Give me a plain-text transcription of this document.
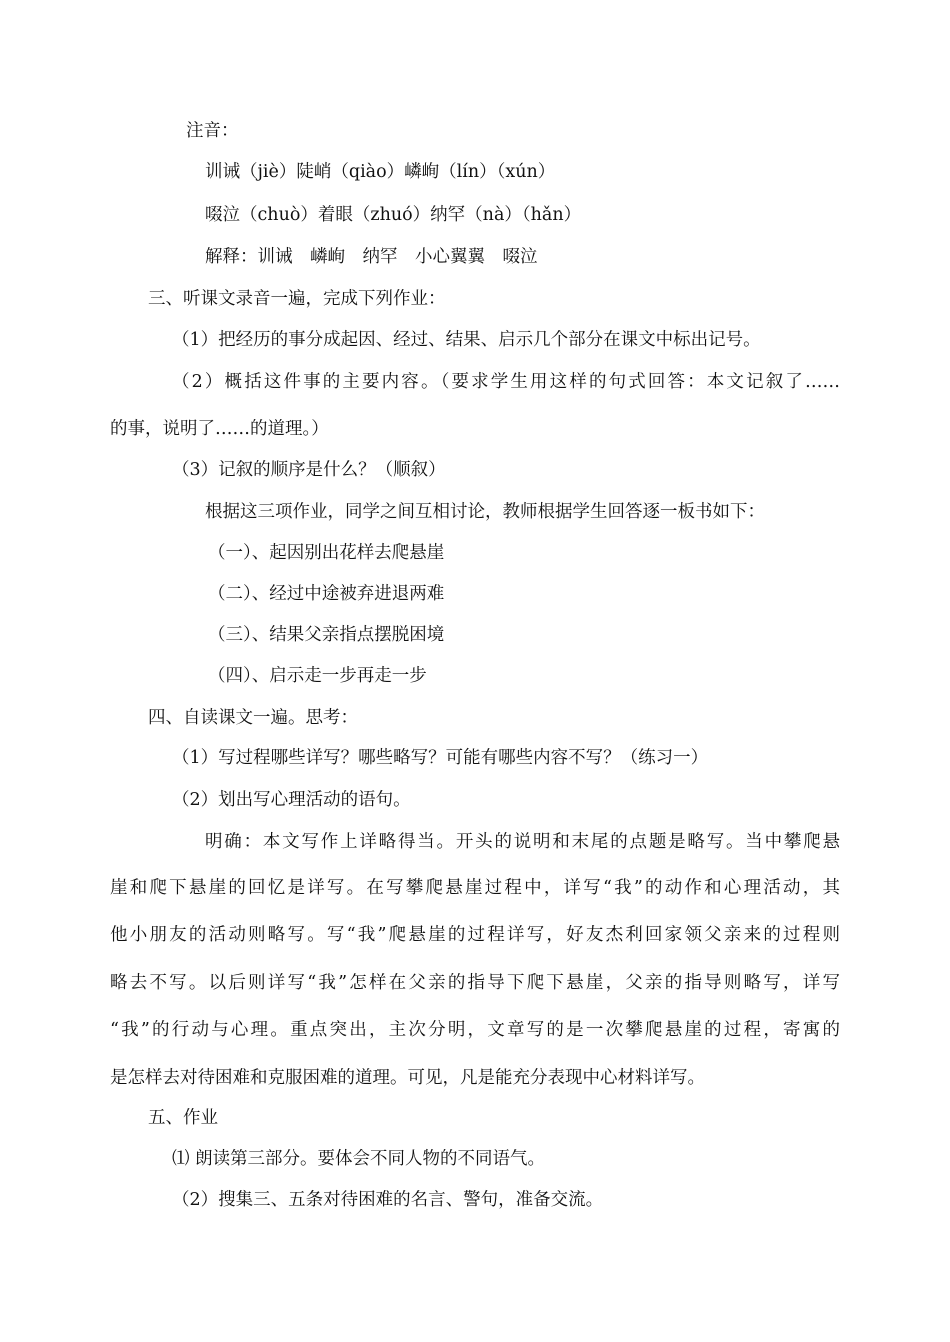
注音：
训诫（jiè）陡峭（qiào）嶙峋（lín）（xún）
啜泣（chuò）着眼（zhuó）纳罕（nà）（hǎn）
解释：训诫　嶙峋　纳罕　小心翼翼　啜泣
三、听课文录音一遍，完成下列作业：
（1）把经历的事分成起因、经过、结果、启示几个部分在课文中标出记号。
（2）概括这件事的主要内容。（要求学生用这样的句式回答：本文记叙了……
的事，说明了……的道理。）
（3）记叙的顺序是什么？（顺叙）
根据这三项作业，同学之间互相讨论，教师根据学生回答逐一板书如下：
（一）、起因别出花样去爬悬崖
（二）、经过中途被弃进退两难
（三）、结果父亲指点摆脱困境
（四）、启示走一步再走一步
四、自读课文一遍。思考：
（1）写过程哪些详写？哪些略写？可能有哪些内容不写？（练习一）
（2）划出写心理活动的语句。
明确：本文写作上详略得当。开头的说明和末尾的点题是略写。当中攀爬悬
崖和爬下悬崖的回忆是详写。在写攀爬悬崖过程中，详写“我”的动作和心理活动，其
他小朋友的活动则略写。写“我”爬悬崖的过程详写，好友杰利回家领父亲来的过程则
略去不写。以后则详写“我”怎样在父亲的指导下爬下悬崖，父亲的指导则略写，详写
“我”的行动与心理。重点突出，主次分明，文章写的是一次攀爬悬崖的过程，寄寓的
是怎样去对待困难和克服困难的道理。可见，凡是能充分表现中心材料详写。
五、作业
⑴ 朗读第三部分。要体会不同人物的不同语气。
（2）搜集三、五条对待困难的名言、警句，准备交流。
